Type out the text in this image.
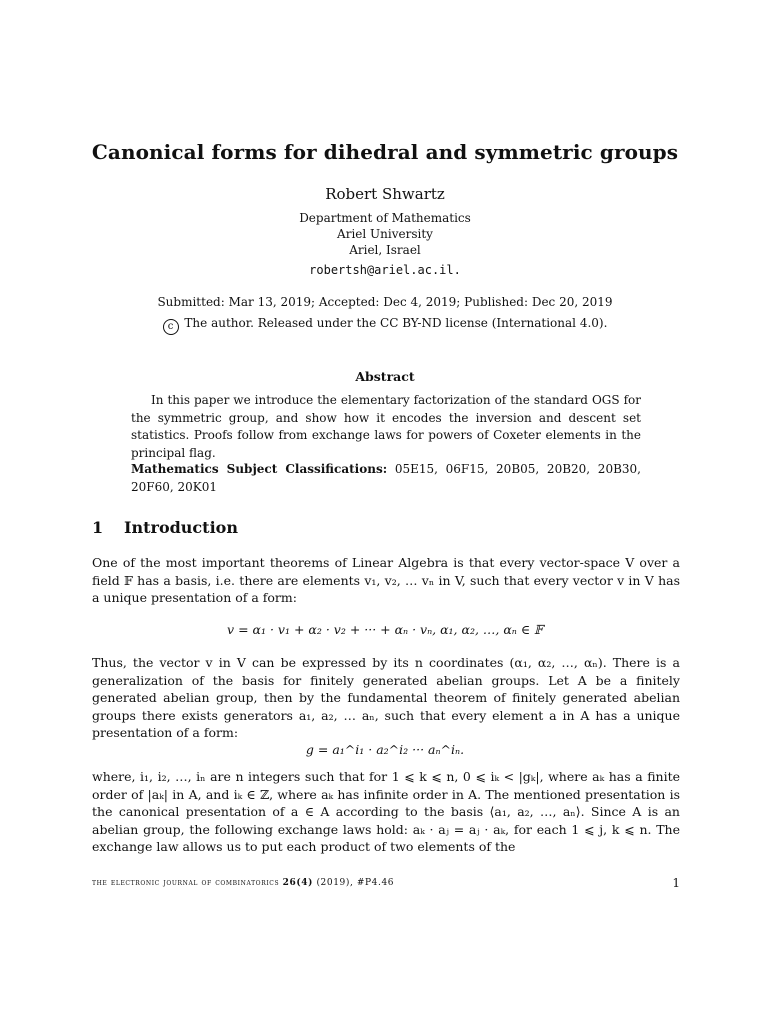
Canonical forms for dihedral and symmetric groups
Robert Shwartz
Department of Mathematics
Ariel University
Ariel, Israel
robertsh@ariel.ac.il.
Submitted: Mar 13, 2019; Accepted: Dec 4, 2019; Published: Dec 20, 2019
c The author. Released under the CC BY-ND license (International 4.0).
Abstract

In this paper we introduce the elementary factorization of the standard OGS for the symmetric group, and show how it encodes the inversion and descent set statistics. Proofs follow from exchange laws for powers of Coxeter elements in the principal flag.

Mathematics Subject Classifications: 05E15, 06F15, 20B05, 20B20, 20B30, 20F60, 20K01
1 Introduction

One of the most important theorems of Linear Algebra is that every vector-space V over a field 𝔽 has a basis, i.e. there are elements v₁, v₂, … vₙ in V, such that every vector v in V has a unique presentation of a form:

v = α₁ · v₁ + α₂ · v₂ + ··· + αₙ · vₙ, α₁, α₂, …, αₙ ∈ 𝔽

Thus, the vector v in V can be expressed by its n coordinates (α₁, α₂, …, αₙ). There is a generalization of the basis for finitely generated abelian groups. Let A be a finitely generated abelian group, then by the fundamental theorem of finitely generated abelian groups there exists generators a₁, a₂, … aₙ, such that every element a in A has a unique presentation of a form:

g = a₁^i₁ · a₂^i₂ ··· aₙ^iₙ.

where, i₁, i₂, …, iₙ are n integers such that for 1 ⩽ k ⩽ n, 0 ⩽ iₖ < |gₖ|, where aₖ has a finite order of |aₖ| in A, and iₖ ∈ ℤ, where aₖ has infinite order in A. The mentioned presentation is the canonical presentation of a ∈ A according to the basis ⟨a₁, a₂, …, aₙ⟩. Since A is an abelian group, the following exchange laws hold: aₖ · aⱼ = aⱼ · aₖ, for each 1 ⩽ j, k ⩽ n. The exchange law allows us to put each product of two elements of the

the electronic journal of combinatorics 26(4) (2019), #P4.46	1
